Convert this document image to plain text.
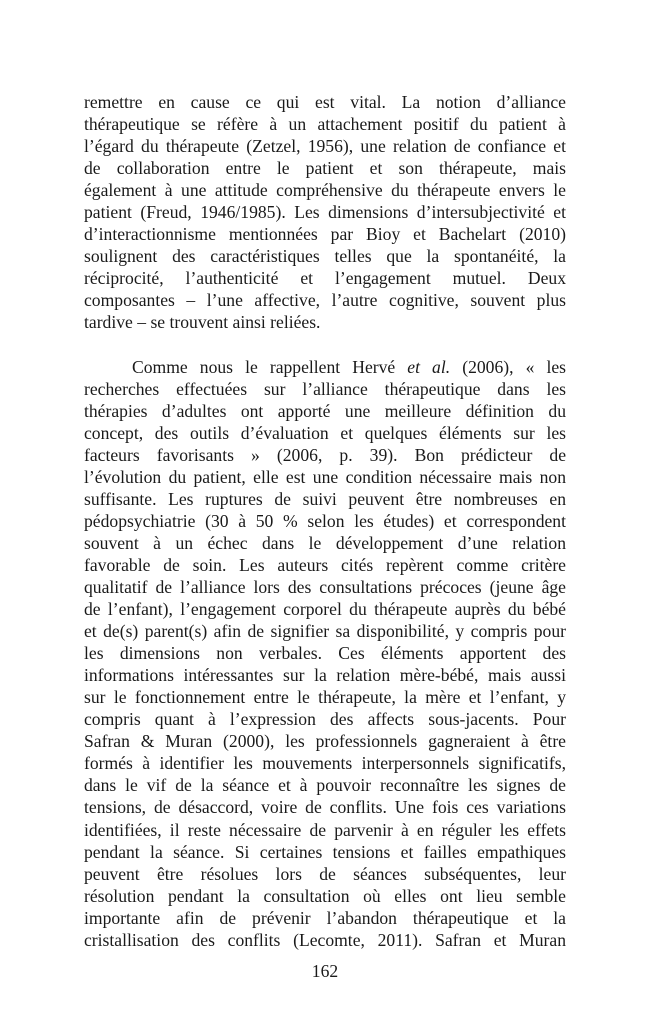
remettre en cause ce qui est vital. La notion d’alliance
thérapeutique se réfère à un attachement positif du patient à
l’égard du thérapeute (Zetzel, 1956), une relation de confiance et
de collaboration entre le patient et son thérapeute, mais
également à une attitude compréhensive du thérapeute envers le
patient (Freud, 1946/1985). Les dimensions d’intersubjectivité et
d’interactionnisme mentionnées par Bioy et Bachelart (2010)
soulignent des caractéristiques telles que la spontanéité, la
réciprocité, l’authenticité et l’engagement mutuel. Deux
composantes – l’une affective, l’autre cognitive, souvent plus
tardive – se trouvent ainsi reliées.

Comme nous le rappellent Hervé et al. (2006), « les
recherches effectuées sur l’alliance thérapeutique dans les
thérapies d’adultes ont apporté une meilleure définition du
concept, des outils d’évaluation et quelques éléments sur les
facteurs favorisants » (2006, p. 39). Bon prédicteur de
l’évolution du patient, elle est une condition nécessaire mais non
suffisante. Les ruptures de suivi peuvent être nombreuses en
pédopsychiatrie (30 à 50 % selon les études) et correspondent
souvent à un échec dans le développement d’une relation
favorable de soin. Les auteurs cités repèrent comme critère
qualitatif de l’alliance lors des consultations précoces (jeune âge
de l’enfant), l’engagement corporel du thérapeute auprès du bébé
et de(s) parent(s) afin de signifier sa disponibilité, y compris pour
les dimensions non verbales. Ces éléments apportent des
informations intéressantes sur la relation mère-bébé, mais aussi
sur le fonctionnement entre le thérapeute, la mère et l’enfant, y
compris quant à l’expression des affects sous-jacents. Pour
Safran & Muran (2000), les professionnels gagneraient à être
formés à identifier les mouvements interpersonnels significatifs,
dans le vif de la séance et à pouvoir reconnaître les signes de
tensions, de désaccord, voire de conflits. Une fois ces variations
identifiées, il reste nécessaire de parvenir à en réguler les effets
pendant la séance. Si certaines tensions et failles empathiques
peuvent être résolues lors de séances subséquentes, leur
résolution pendant la consultation où elles ont lieu semble
importante afin de prévenir l’abandon thérapeutique et la
cristallisation des conflits (Lecomte, 2011). Safran et Muran

162
